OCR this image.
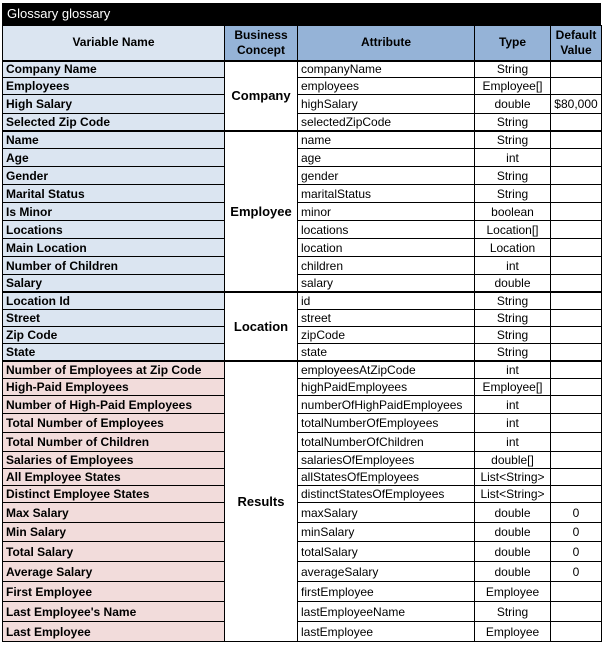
Glossary glossary
Variable Name	Business Concept	Attribute	Type	Default Value
Company Name	Company	companyName	String	
Employees		employees	Employee[]	
High Salary		highSalary	double	$80,000
Selected Zip Code		selectedZipCode	String	
Name	Employee	name	String	
Age		age	int	
Gender		gender	String	
Marital Status		maritalStatus	String	
Is Minor		minor	boolean	
Locations		locations	Location[]	
Main Location		location	Location	
Number of Children		children	int	
Salary		salary	double	
Location Id	Location	id	String	
Street		street	String	
Zip Code		zipCode	String	
State		state	String	
Number of Employees at Zip Code	Results	employeesAtZipCode	int	
High-Paid Employees		highPaidEmployees	Employee[]	
Number of High-Paid Employees		numberOfHighPaidEmployees	int	
Total Number of Employees		totalNumberOfEmployees	int	
Total Number of Children		totalNumberOfChildren	int	
Salaries of Employees		salariesOfEmployees	double[]	
All Employee States		allStatesOfEmployees	List<String>	
Distinct Employee States		distinctStatesOfEmployees	List<String>	
Max Salary		maxSalary	double	0
Min Salary		minSalary	double	0
Total Salary		totalSalary	double	0
Average Salary		averageSalary	double	0
First Employee		firstEmployee	Employee	
Last Employee's Name		lastEmployeeName	String	
Last Employee		lastEmployee	Employee	
